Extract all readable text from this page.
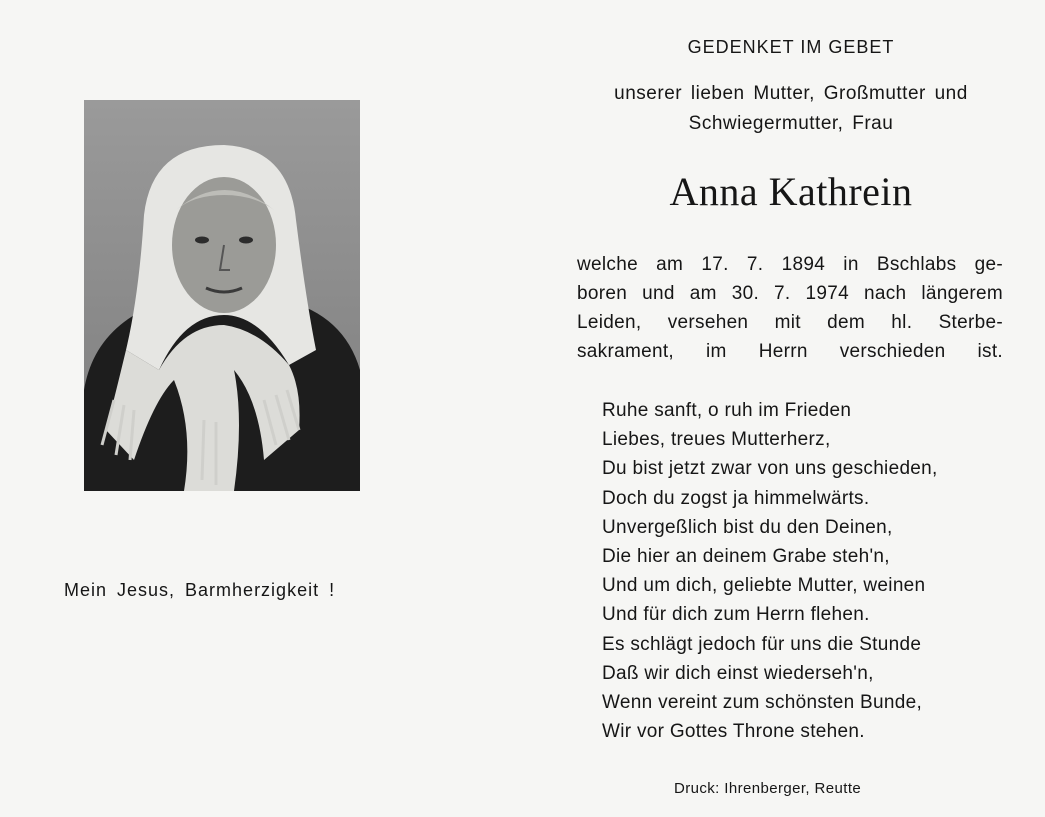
Mein Jesus, Barmherzigkeit !
GEDENKET IM GEBET
unserer lieben Mutter, Großmutter und
Schwiegermutter, Frau
Anna Kathrein
welche am 17. 7. 1894 in Bschlabs ge-
boren und am 30. 7. 1974 nach längerem
Leiden, versehen mit dem hl. Sterbe-
sakrament, im Herrn verschieden ist.
Ruhe sanft, o ruh im Frieden
Liebes, treues Mutterherz,
Du bist jetzt zwar von uns geschieden,
Doch du zogst ja himmelwärts.
Unvergeßlich bist du den Deinen,
Die hier an deinem Grabe steh'n,
Und um dich, geliebte Mutter, weinen
Und für dich zum Herrn flehen.
Es schlägt jedoch für uns die Stunde
Daß wir dich einst wiederseh'n,
Wenn vereint zum schönsten Bunde,
Wir vor Gottes Throne stehen.
Druck: Ihrenberger, Reutte
